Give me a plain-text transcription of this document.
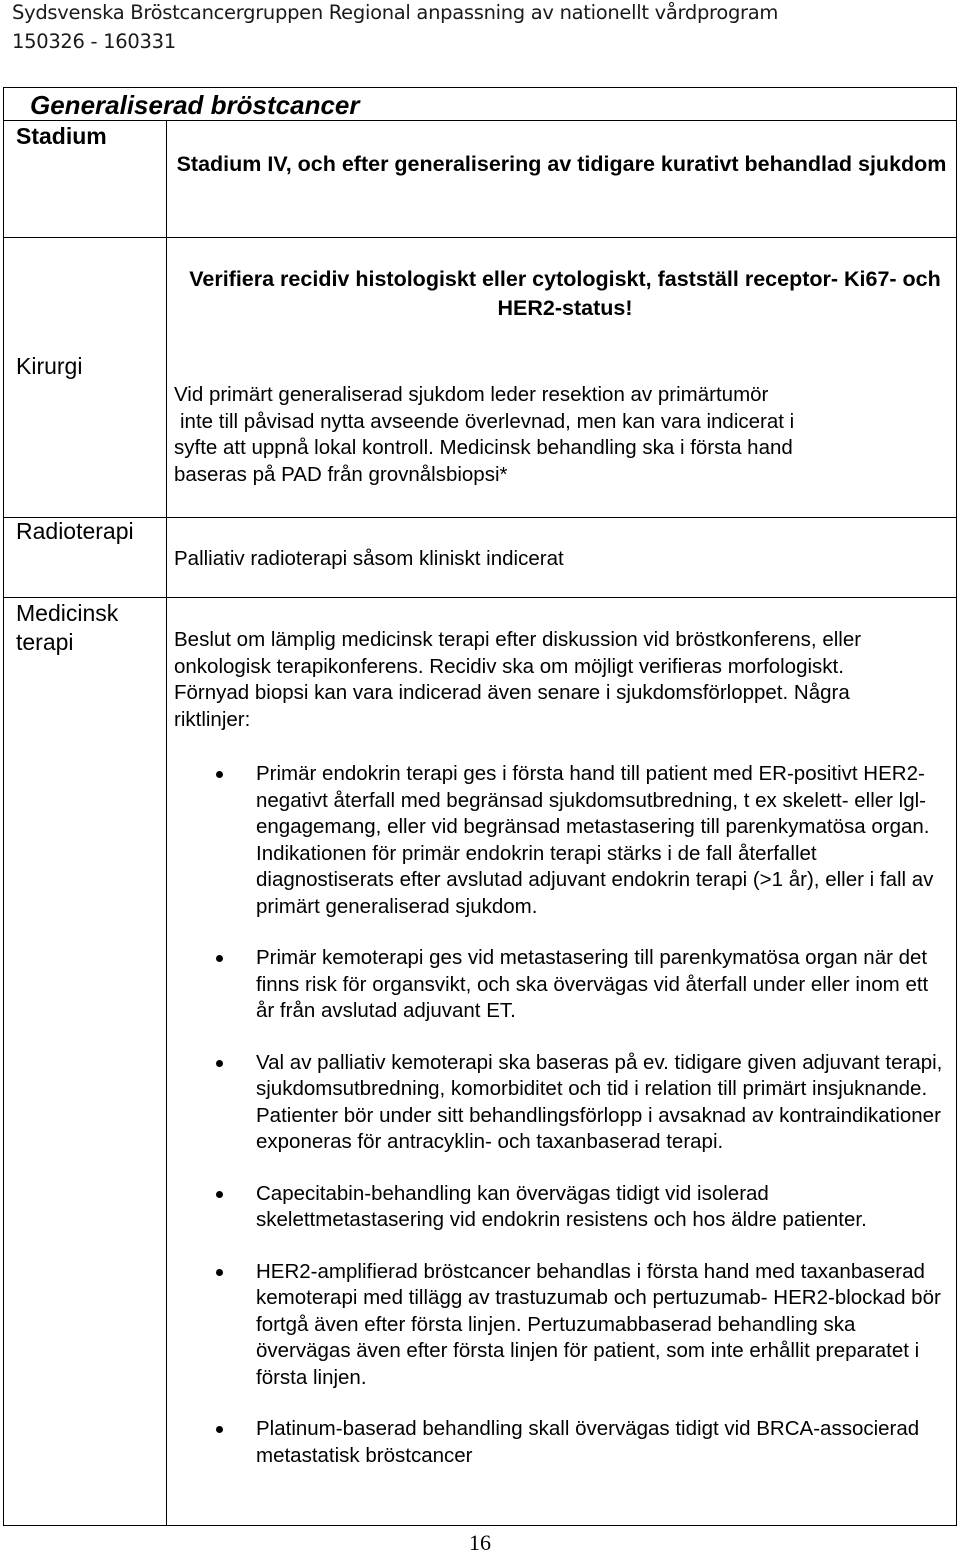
Sydsvenska Bröstcancergruppen Regional anpassning av nationellt vårdprogram
150326 - 160331
Generaliserad bröstcancer
Stadium
Stadium IV, och efter generalisering av tidigare kurativt behandlad sjukdom
Verifiera recidiv histologiskt eller cytologiskt, fastställ receptor- Ki67- och HER2-status!
Kirurgi
Vid primärt generaliserad sjukdom leder resektion av primärtumör
inte till påvisad nytta avseende överlevnad, men kan vara indicerat i
syfte att uppnå lokal kontroll. Medicinsk behandling ska i första hand
baseras på PAD från grovnålsbiopsi*
Radioterapi
Palliativ radioterapi såsom kliniskt indicerat
Medicinsk
terapi	Beslut om lämplig medicinsk terapi efter diskussion vid bröstkonferens, eller
onkologisk terapikonferens. Recidiv ska om möjligt verifieras morfologiskt.
Förnyad biopsi kan vara indicerad även senare i sjukdomsförloppet. Några
riktlinjer:
Primär endokrin terapi ges i första hand till patient med ER-positivt HER2-negativt återfall med begränsad sjukdomsutbredning, t ex skelett- eller lgl-engagemang, eller vid begränsad metastasering till parenkymatösa organ. Indikationen för primär endokrin terapi stärks i de fall återfallet diagnostiserats efter avslutad adjuvant endokrin terapi (>1 år), eller i fall av primärt generaliserad sjukdom.
Primär kemoterapi ges vid metastasering till parenkymatösa organ när det finns risk för organsvikt, och ska övervägas vid återfall under eller inom ett år från avslutad adjuvant ET.
Val av palliativ kemoterapi ska baseras på ev. tidigare given adjuvant terapi, sjukdomsutbredning, komorbiditet och tid i relation till primärt insjuknande. Patienter bör under sitt behandlingsförlopp i avsaknad av kontraindikationer exponeras för antracyklin- och taxanbaserad terapi.
Capecitabin-behandling kan övervägas tidigt vid isolerad skelettmetastasering vid endokrin resistens och hos äldre patienter.
HER2-amplifierad bröstcancer behandlas i första hand med taxanbaserad kemoterapi med tillägg av trastuzumab och pertuzumab- HER2-blockad bör fortgå även efter första linjen. Pertuzumabbaserad behandling ska övervägas även efter första linjen för patient, som inte erhållit preparatet i första linjen.
Platinum-baserad behandling skall övervägas tidigt vid BRCA-associerad metastatisk bröstcancer
16
